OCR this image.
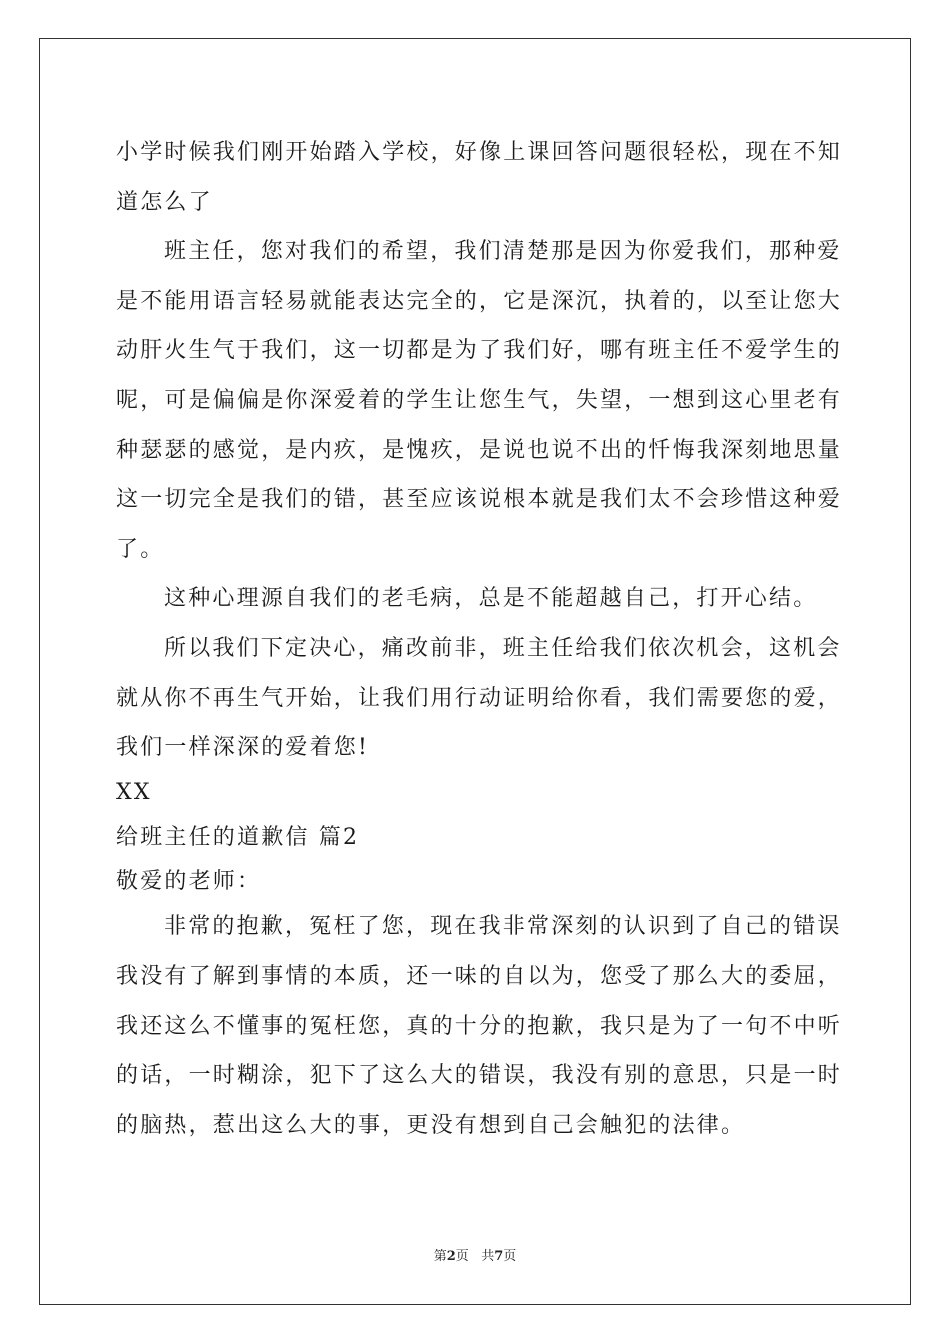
小学时候我们刚开始踏入学校，好像上课回答问题很轻松，现在不知
道怎么了
班主任，您对我们的希望，我们清楚那是因为你爱我们，那种爱
是不能用语言轻易就能表达完全的，它是深沉，执着的，以至让您大
动肝火生气于我们，这一切都是为了我们好，哪有班主任不爱学生的
呢，可是偏偏是你深爱着的学生让您生气，失望，一想到这心里老有
种瑟瑟的感觉，是内疚，是愧疚，是说也说不出的忏悔我深刻地思量
这一切完全是我们的错，甚至应该说根本就是我们太不会珍惜这种爱
了。
这种心理源自我们的老毛病，总是不能超越自己，打开心结。
所以我们下定决心，痛改前非，班主任给我们依次机会，这机会
就从你不再生气开始，让我们用行动证明给你看，我们需要您的爱，
我们一样深深的爱着您!
XX
给班主任的道歉信 篇2
敬爱的老师：
非常的抱歉，冤枉了您，现在我非常深刻的认识到了自己的错误
我没有了解到事情的本质，还一味的自以为，您受了那么大的委屈，
我还这么不懂事的冤枉您，真的十分的抱歉，我只是为了一句不中听
的话，一时糊涂，犯下了这么大的错误，我没有别的意思，只是一时
的脑热，惹出这么大的事，更没有想到自己会触犯的法律。
第2页 共7页
